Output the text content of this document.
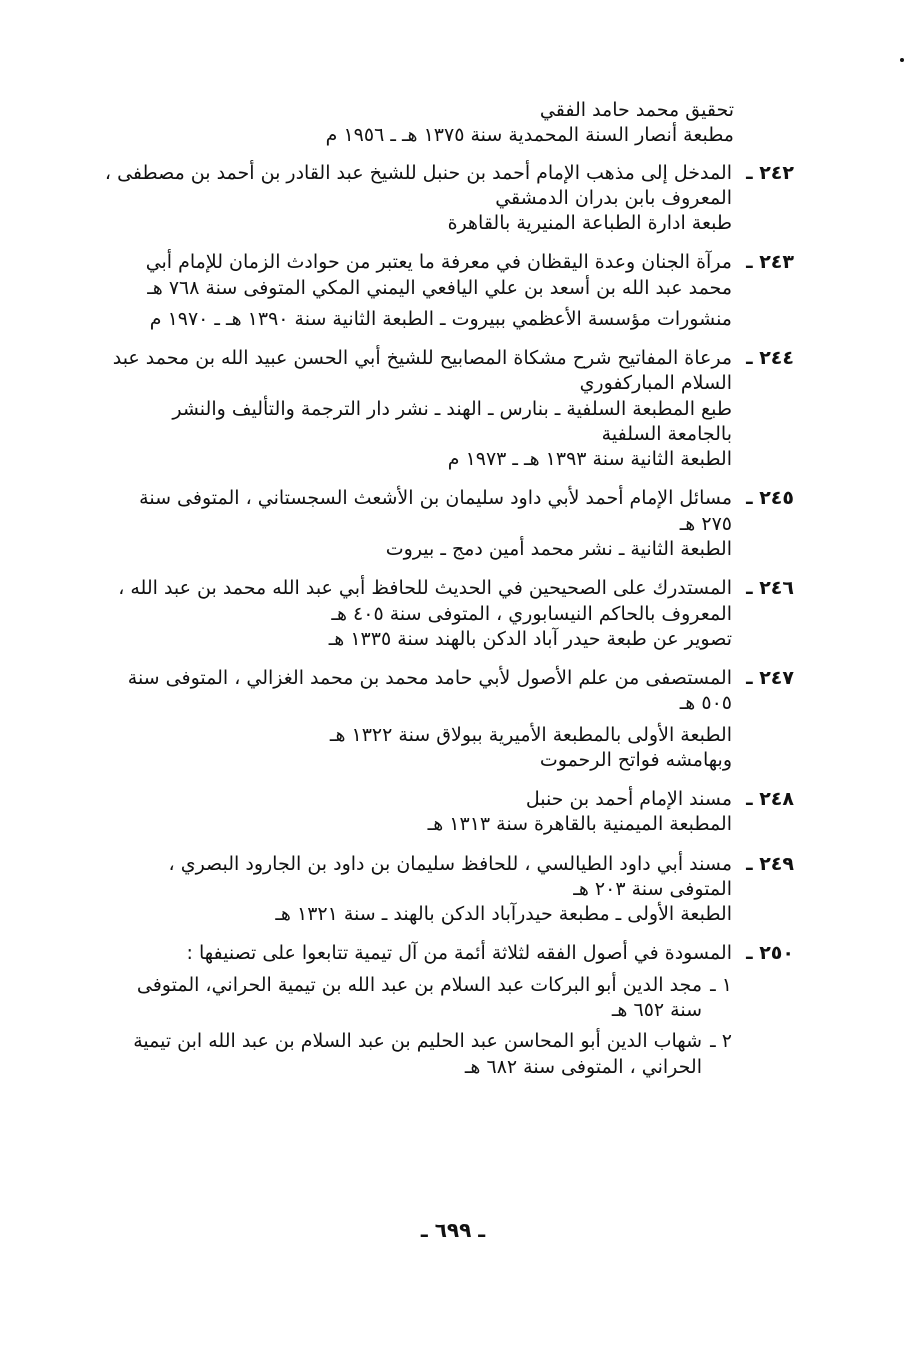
تحقيق محمد حامد الفقي
مطبعة أنصار السنة المحمدية سنة ١٣٧٥ هـ ـ ١٩٥٦ م
٢٤٢ ـ
المدخل إلى مذهب الإمام أحمد بن حنبل للشيخ عبد القادر بن أحمد بن مصطفى ، المعروف بابن بدران الدمشقي
طبعة ادارة الطباعة المنيرية بالقاهرة
٢٤٣ ـ
مرآة الجنان وعدة اليقظان في معرفة ما يعتبر من حوادث الزمان للإمام أبي محمد عبد الله بن أسعد بن علي اليافعي اليمني المكي المتوفى سنة ٧٦٨ هـ
منشورات مؤسسة الأعظمي ببيروت ـ الطبعة الثانية سنة ١٣٩٠ هـ ـ ١٩٧٠ م
٢٤٤ ـ
مرعاة المفاتيح شرح مشكاة المصابيح للشيخ أبي الحسن عبيد الله بن محمد عبد السلام المباركفوري
طبع المطبعة السلفية ـ بنارس ـ الهند ـ نشر دار الترجمة والتأليف والنشر بالجامعة السلفية
الطبعة الثانية سنة ١٣٩٣ هـ ـ ١٩٧٣ م
٢٤٥ ـ
مسائل الإمام أحمد لأبي داود سليمان بن الأشعث السجستاني ، المتوفى سنة ٢٧٥ هـ
الطبعة الثانية ـ نشر محمد أمين دمج ـ بيروت
٢٤٦ ـ
المستدرك على الصحيحين في الحديث للحافظ أبي عبد الله محمد بن عبد الله ، المعروف بالحاكم النيسابوري ، المتوفى سنة ٤٠٥ هـ
تصوير عن طبعة حيدر آباد الدكن بالهند سنة ١٣٣٥ هـ
٢٤٧ ـ
المستصفى من علم الأصول لأبي حامد محمد بن محمد الغزالي ، المتوفى سنة ٥٠٥ هـ
الطبعة الأولى بالمطبعة الأميرية ببولاق سنة ١٣٢٢ هـ
وبهامشه فواتح الرحموت
٢٤٨ ـ
مسند الإمام أحمد بن حنبل
المطبعة الميمنية بالقاهرة سنة ١٣١٣ هـ
٢٤٩ ـ
مسند أبي داود الطيالسي ، للحافظ سليمان بن داود بن الجارود البصري ، المتوفى سنة ٢٠٣ هـ
الطبعة الأولى ـ مطبعة حيدرآباد الدكن بالهند ـ سنة ١٣٢١ هـ
٢٥٠ ـ
المسودة في أصول الفقه لثلاثة أئمة من آل تيمية تتابعوا على تصنيفها :
١ ـ
مجد الدين أبو البركات عبد السلام بن عبد الله بن تيمية الحراني، المتوفى سنة ٦٥٢ هـ
٢ ـ
شهاب الدين أبو المحاسن عبد الحليم بن عبد السلام بن عبد الله ابن تيمية الحراني ، المتوفى سنة ٦٨٢ هـ
ـ ٦٩٩ ـ
